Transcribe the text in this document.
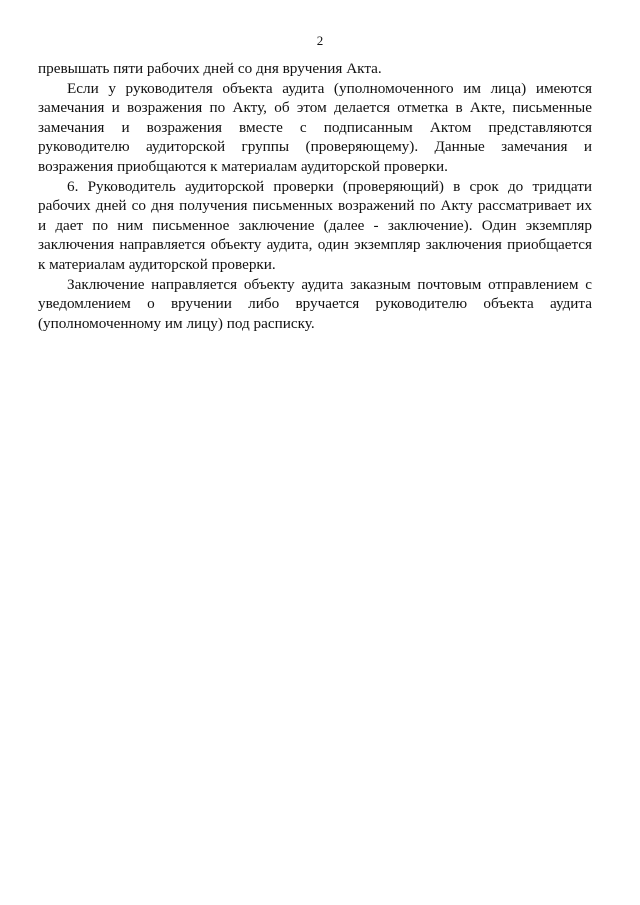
2
превышать пяти рабочих дней со дня вручения Акта.
Если у руководителя объекта аудита (уполномоченного им лица) имеются
замечания и возражения по Акту, об этом делается отметка в Акте, письменные
замечания и возражения вместе с подписанным Актом представляются
руководителю аудиторской группы (проверяющему). Данные замечания и
возражения приобщаются к материалам аудиторской проверки.
6. Руководитель аудиторской проверки (проверяющий) в срок до тридцати
рабочих дней со дня получения письменных возражений по Акту рассматривает их
и дает по ним письменное заключение (далее - заключение). Один экземпляр
заключения направляется объекту аудита, один экземпляр заключения приобщается
к материалам аудиторской проверки.
Заключение направляется объекту аудита заказным почтовым отправлением с
уведомлением о вручении либо вручается руководителю объекта аудита
(уполномоченному им лицу) под расписку.
